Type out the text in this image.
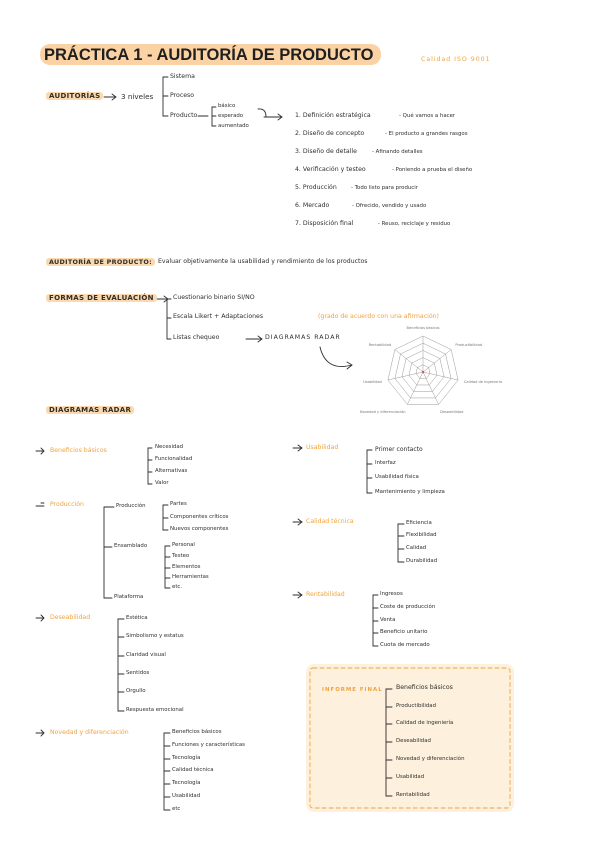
Beneficios básicos
Productibilidad
Calidad de ingeniería
Deseabilidad
Novedad y diferenciación
Usabilidad
Rentabilidad
PRÁCTICA 1 - AUDITORÍA DE PRODUCTO	Calidad ISO 9001
AUDITORÍAS	3 niveles
Sistema
Proceso
Producto
básico
esperado
aumentado
1. Definición estratégica	- Qué vamos a hacer
2. Diseño de concepto	- El producto a grandes rasgos
3. Diseño de detalle	- Afinando detalles
4. Verificación y testeo	- Poniendo a prueba el diseño
5. Producción	- Todo listo para producir
6. Mercado	- Ofrecido, vendido y usado
7. Disposición final	- Reuso, reciclaje y residuo
AUDITORÍA DE PRODUCTO: Evaluar objetivamente la usabilidad y rendimiento de los productos
FORMAS DE EVALUACIÓN	Cuestionario binario SI/NO
Escala Likert + Adaptaciones	(grado de acuerdo con una afirmación)
Listas chequeo	DIAGRAMAS RADAR
DIAGRAMAS RADAR
Beneficios básicos	Necesidad
Funcionalidad
Alternativas
Valor
Producción	Producción	Partes
Componentes críticos
Nuevos componentes
Ensamblado	Personal
Testeo
Elementos
Herramientas
etc.
Plataforma
Deseabilidad	Estética
Simbolismo y estatus
Claridad visual
Sentidos
Orgullo
Respuesta emocional
Novedad y diferenciación	Beneficios básicos
Funciones y características
Tecnología
Calidad técnica
Tecnología
Usabilidad
etc
Usabilidad	Primer contacto
Interfaz
Usabilidad física
Mantenimiento y limpieza
Calidad técnica	Eficiencia
Flexibilidad
Calidad
Durabilidad
Rentabilidad	Ingresos
Coste de producción
Venta
Beneficio unitario
Cuota de mercado
INFORME FINAL Beneficios básicos
Productibilidad
Calidad de ingeniería
Deseabilidad
Novedad y diferenciación
Usabilidad
Rentabilidad
